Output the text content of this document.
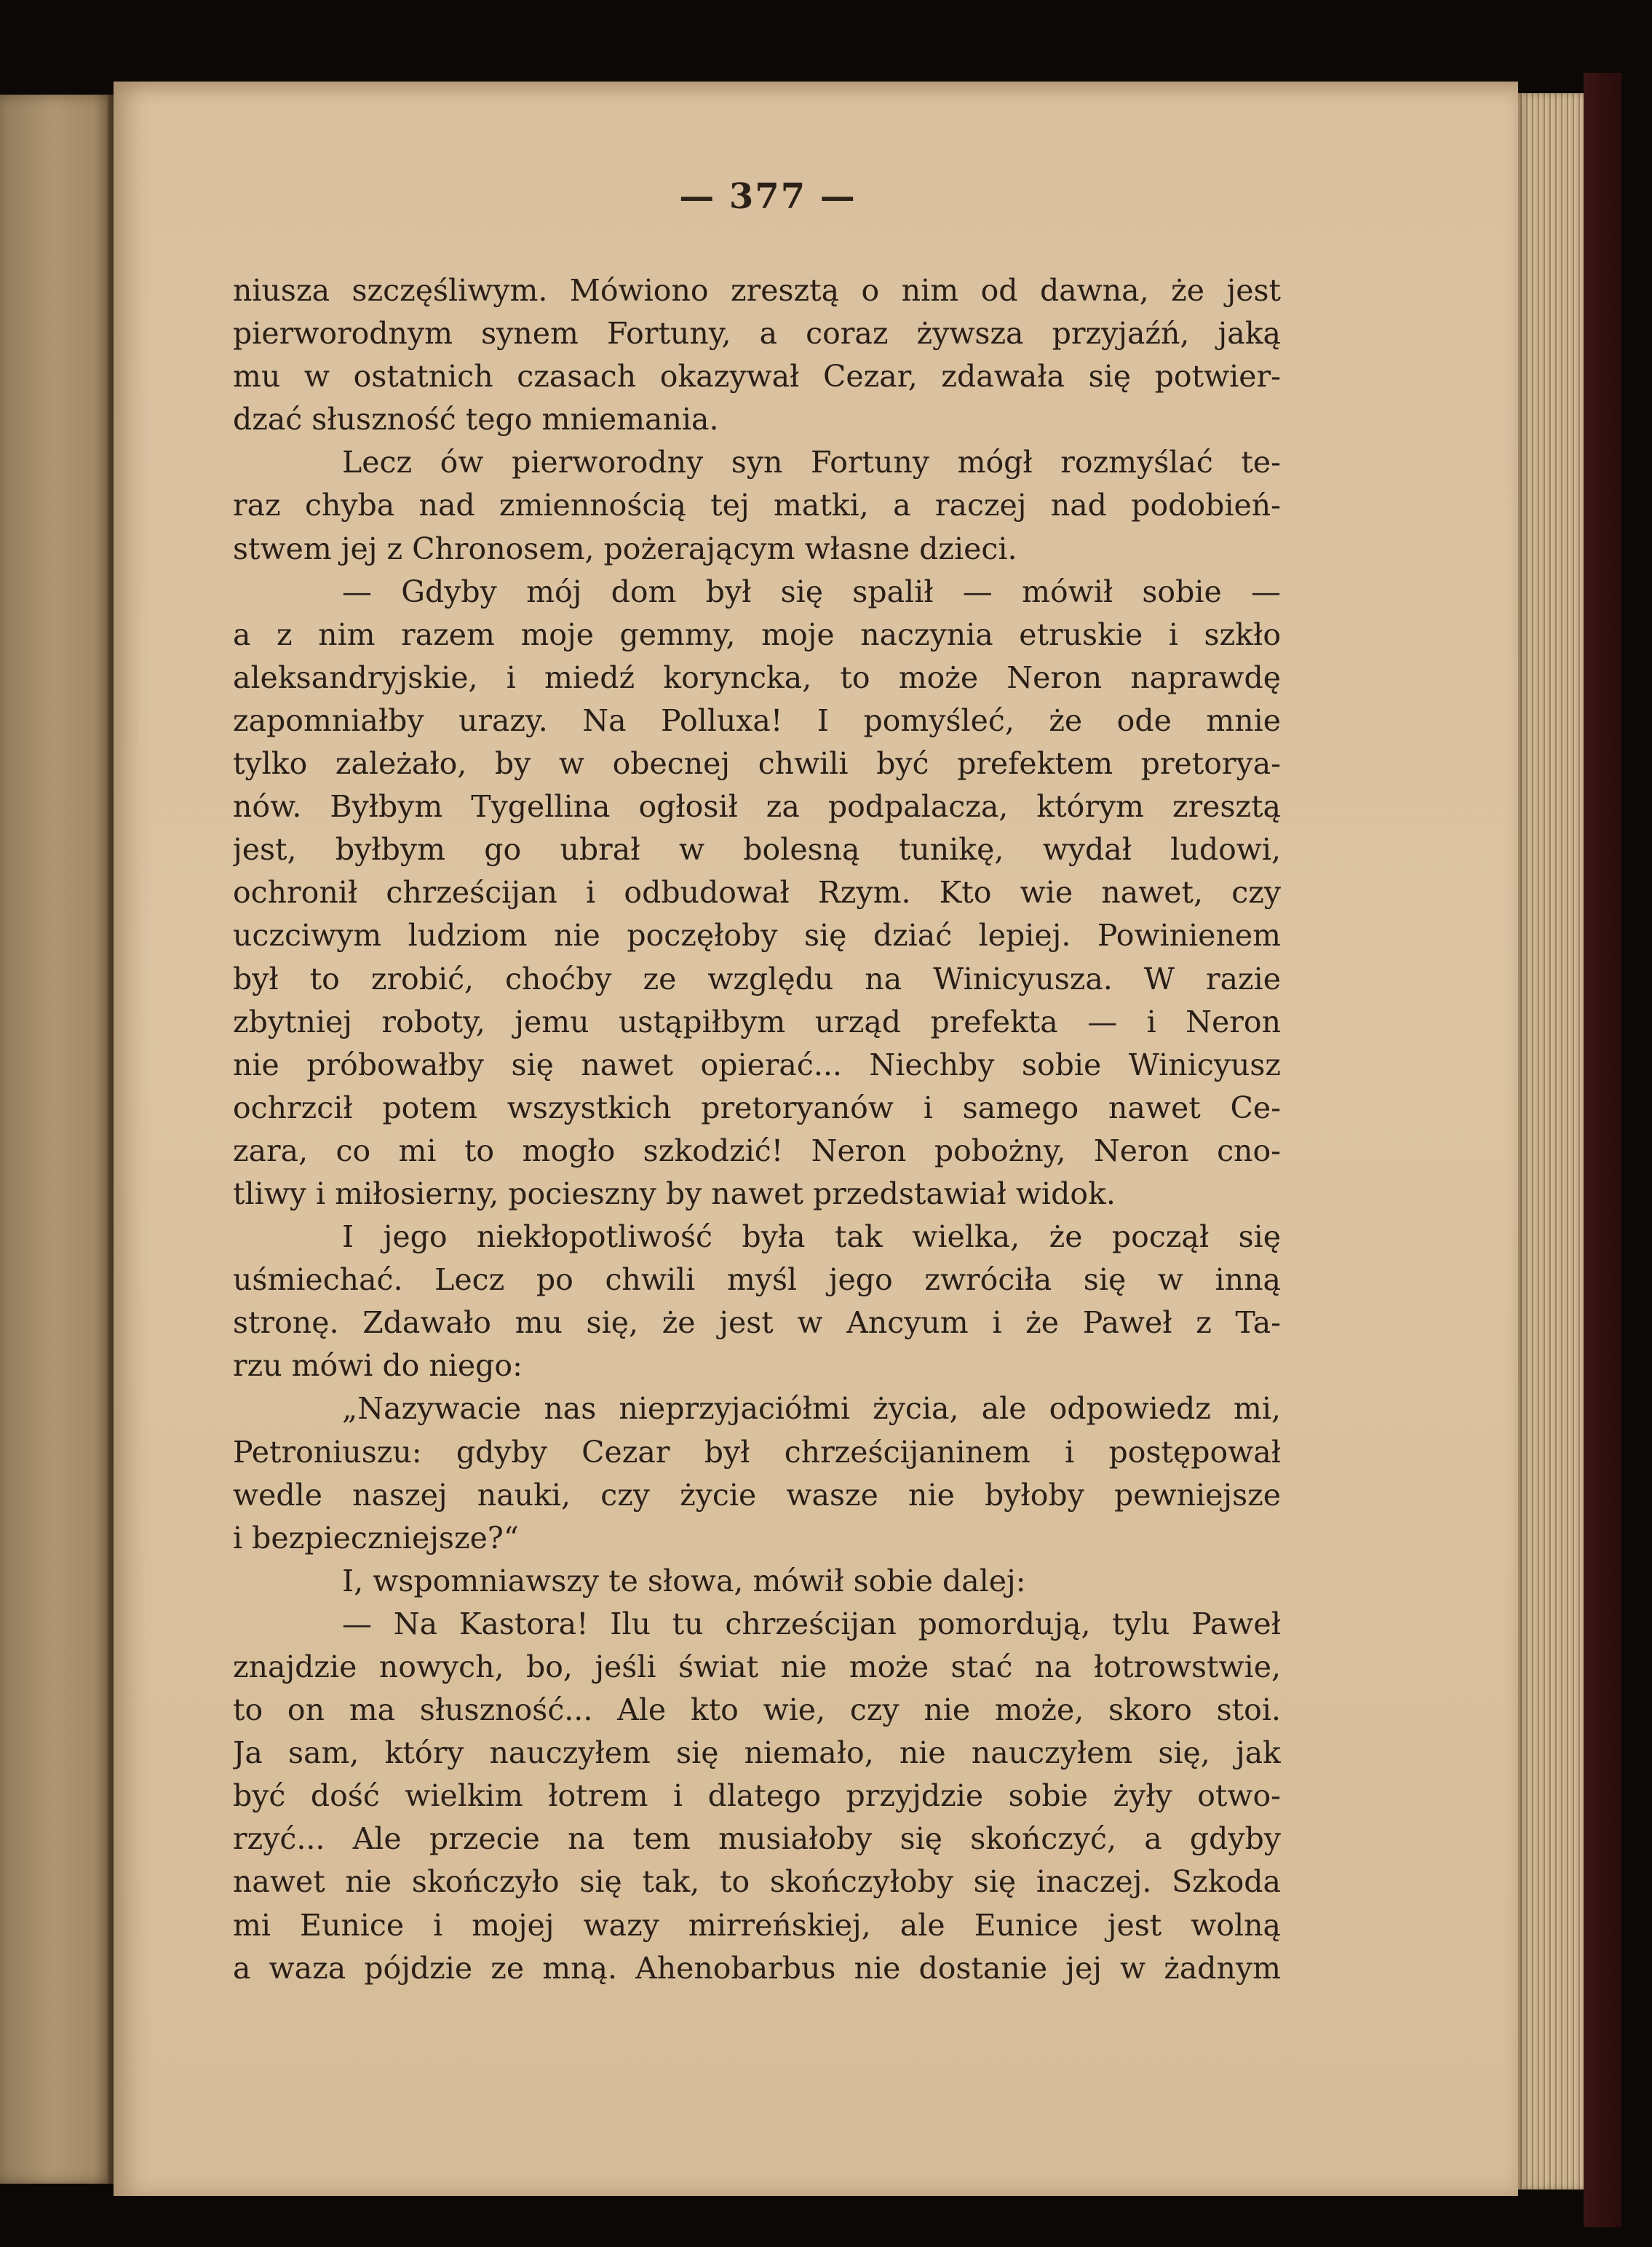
— 377 —
niusza szczęśliwym. Mówiono zresztą o nim od dawna, że jest
pierworodnym synem Fortuny, a coraz żywsza przyjaźń, jaką
mu w ostatnich czasach okazywał Cezar, zdawała się potwier-
dzać słuszność tego mniemania.
Lecz ów pierworodny syn Fortuny mógł rozmyślać te-
raz chyba nad zmiennością tej matki, a raczej nad podobień-
stwem jej z Chronosem, pożerającym własne dzieci.
— Gdyby mój dom był się spalił — mówił sobie —
a z nim razem moje gemmy, moje naczynia etruskie i szkło
aleksandryjskie, i miedź koryncka, to może Neron naprawdę
zapomniałby urazy. Na Polluxa! I pomyśleć, że ode mnie
tylko zależało, by w obecnej chwili być prefektem pretorya-
nów. Byłbym Tygellina ogłosił za podpalacza, którym zresztą
jest, byłbym go ubrał w bolesną tunikę, wydał ludowi,
ochronił chrześcijan i odbudował Rzym. Kto wie nawet, czy
uczciwym ludziom nie poczęłoby się dziać lepiej. Powinienem
był to zrobić, choćby ze względu na Winicyusza. W razie
zbytniej roboty, jemu ustąpiłbym urząd prefekta — i Neron
nie próbowałby się nawet opierać... Niechby sobie Winicyusz
ochrzcił potem wszystkich pretoryanów i samego nawet Ce-
zara, co mi to mogło szkodzić! Neron pobożny, Neron cno-
tliwy i miłosierny, pocieszny by nawet przedstawiał widok.
I jego niekłopotliwość była tak wielka, że począł się
uśmiechać. Lecz po chwili myśl jego zwróciła się w inną
stronę. Zdawało mu się, że jest w Ancyum i że Paweł z Ta-
rzu mówi do niego:
„Nazywacie nas nieprzyjaciółmi życia, ale odpowiedz mi,
Petroniuszu: gdyby Cezar był chrześcijaninem i postępował
wedle naszej nauki, czy życie wasze nie byłoby pewniejsze
i bezpieczniejsze?“
I, wspomniawszy te słowa, mówił sobie dalej:
— Na Kastora! Ilu tu chrześcijan pomordują, tylu Paweł
znajdzie nowych, bo, jeśli świat nie może stać na łotrowstwie,
to on ma słuszność... Ale kto wie, czy nie może, skoro stoi.
Ja sam, który nauczyłem się niemało, nie nauczyłem się, jak
być dość wielkim łotrem i dlatego przyjdzie sobie żyły otwo-
rzyć... Ale przecie na tem musiałoby się skończyć, a gdyby
nawet nie skończyło się tak, to skończyłoby się inaczej. Szkoda
mi Eunice i mojej wazy mirreńskiej, ale Eunice jest wolną
a waza pójdzie ze mną. Ahenobarbus nie dostanie jej w żadnym
